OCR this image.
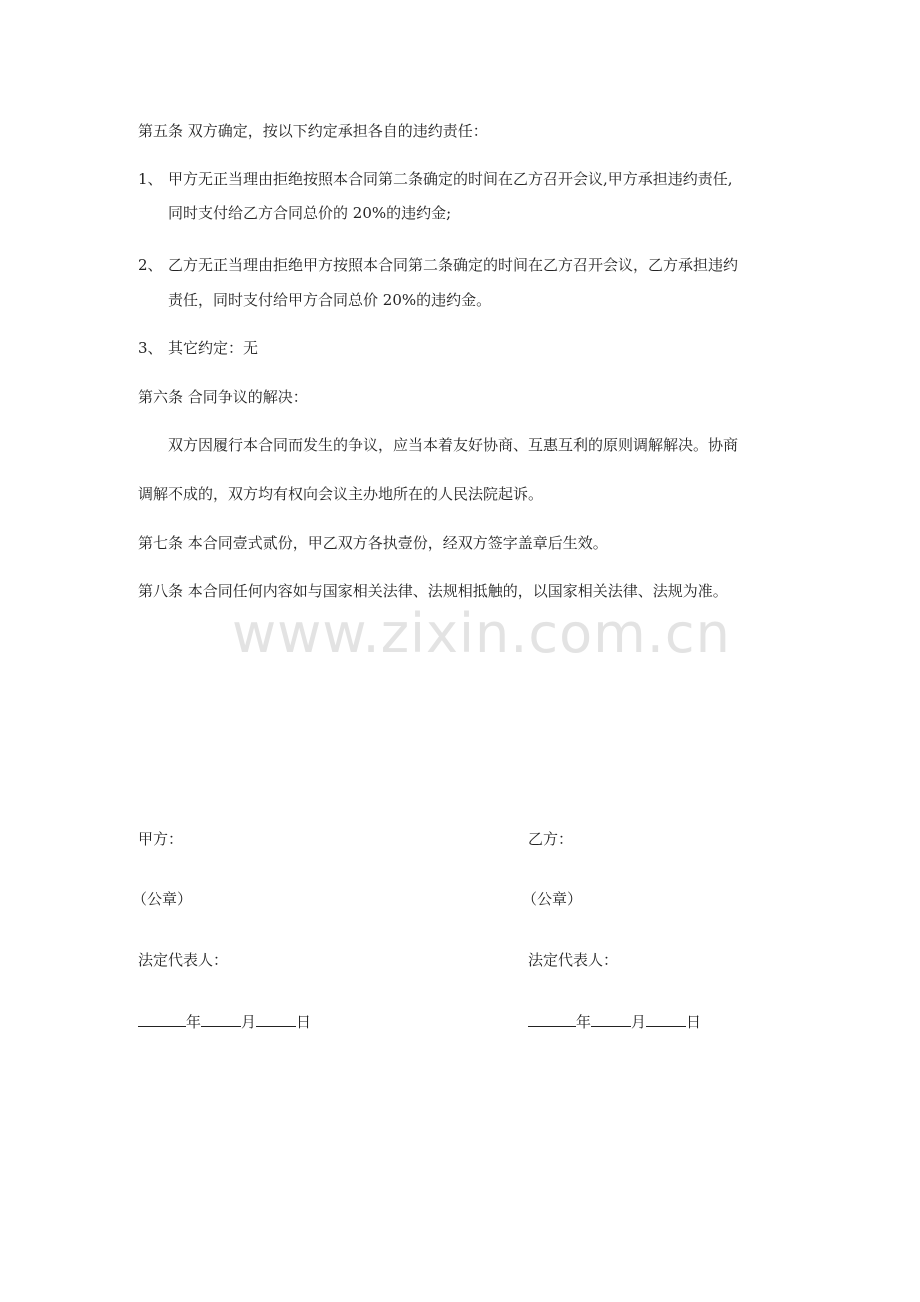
第五条 双方确定，按以下约定承担各自的违约责任：
1、 甲方无正当理由拒绝按照本合同第二条确定的时间在乙方召开会议,甲方承担违约责任,
同时支付给乙方合同总价的 20%的违约金;
2、 乙方无正当理由拒绝甲方按照本合同第二条确定的时间在乙方召开会议，乙方承担违约
责任，同时支付给甲方合同总价 20%的违约金。
3、 其它约定：无
第六条 合同争议的解决：
双方因履行本合同而发生的争议，应当本着友好协商、互惠互利的原则调解解决。协商
调解不成的，双方均有权向会议主办地所在的人民法院起诉。
第七条 本合同壹式贰份，甲乙双方各执壹份，经双方签字盖章后生效。
第八条 本合同任何内容如与国家相关法律、法规相抵触的，以国家相关法律、法规为准。
www.zixin.com.cn
甲方：
（公章）
法定代表人：
年	月	日
乙方：
（公章）
法定代表人：
年	月	日
